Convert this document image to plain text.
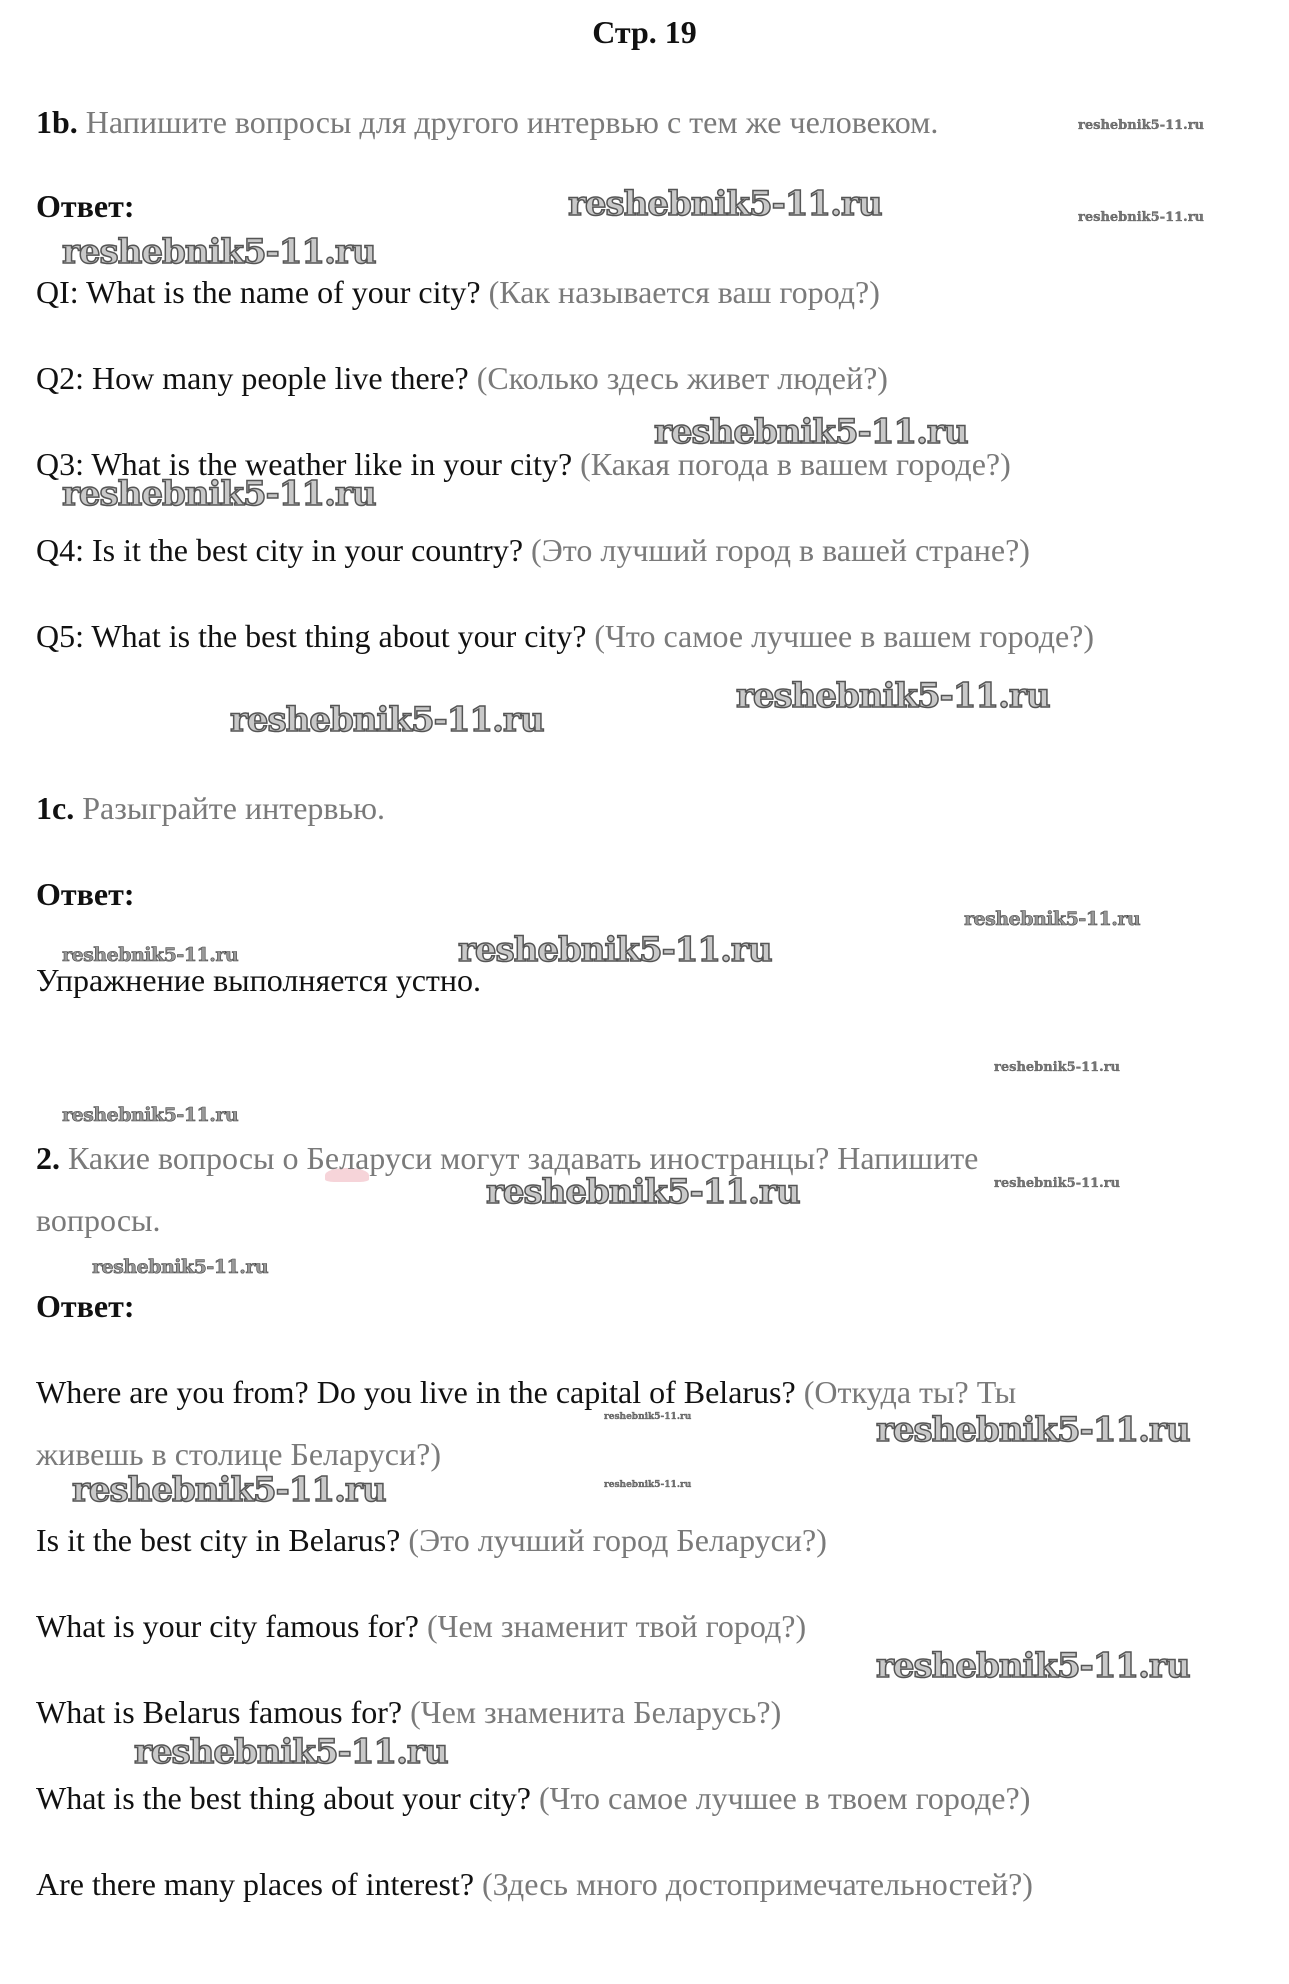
Стр. 19
1b. Напишите вопросы для другого интервью с тем же человеком.
Ответ:
QI: What is the name of your city? (Как называется ваш город?)
Q2: How many people live there? (Сколько здесь живет людей?)
Q3: What is the weather like in your city? (Какая погода в вашем городе?)
Q4: Is it the best city in your country? (Это лучший город в вашей стране?)
Q5: What is the best thing about your city? (Что самое лучшее в вашем городе?)
1c. Разыграйте интервью.
Ответ:
Упражнение выполняется устно.
2. Какие вопросы о Беларуси могут задавать иностранцы? Напишите
вопросы.
Ответ:
Where are you from? Do you live in the capital of Belarus? (Откуда ты? Ты
живешь в столице Беларуси?)
Is it the best city in Belarus? (Это лучший город Беларуси?)
What is your city famous for? (Чем знаменит твой город?)
What is Belarus famous for? (Чем знаменита Беларусь?)
What is the best thing about your city? (Что самое лучшее в твоем городе?)
Are there many places of interest? (Здесь много достопримечательностей?)
reshebnik5-11.ru
reshebnik5-11.ru	reshebnik5-11.ru
reshebnik5-11.ru
reshebnik5-11.ru
reshebnik5-11.ru
reshebnik5-11.ru
reshebnik5-11.ru
reshebnik5-11.ru
reshebnik5-11.ru	reshebnik5-11.ru
reshebnik5-11.ru
reshebnik5-11.ru
reshebnik5-11.ru	reshebnik5-11.ru
reshebnik5-11.ru
reshebnik5-11.ru	reshebnik5-11.ru
reshebnik5-11.ru	reshebnik5-11.ru
reshebnik5-11.ru
reshebnik5-11.ru
